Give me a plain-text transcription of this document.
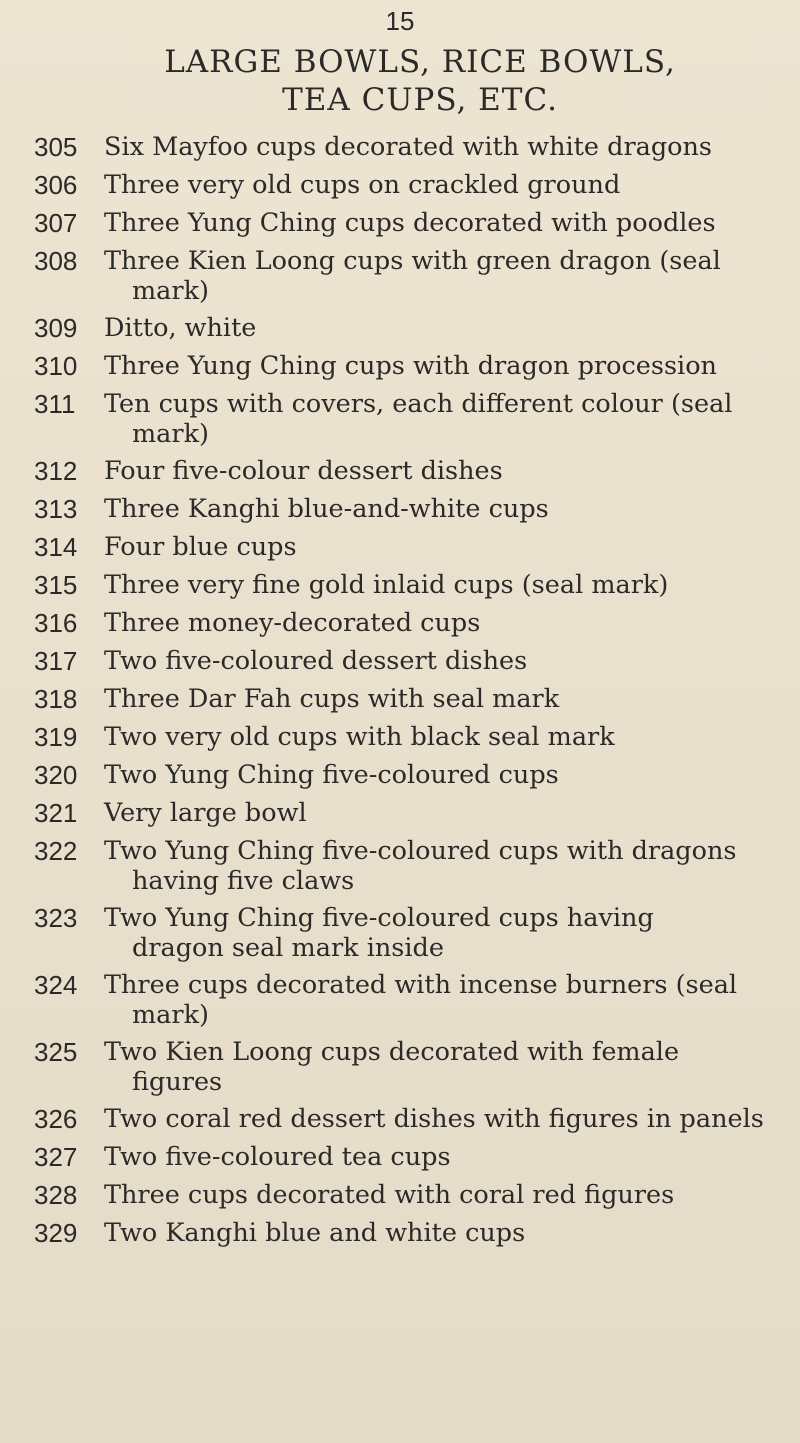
15
LARGE BOWLS, RICE BOWLS,
TEA CUPS, ETC.
305	Six Mayfoo cups decorated with white dragons
306	Three very old cups on crackled ground
307	Three Yung Ching cups decorated with poodles
308	Three Kien Loong cups with green dragon (seal
mark)
309	Ditto, white
310	Three Yung Ching cups with dragon procession
311	Ten cups with covers, each different colour (seal
mark)
312	Four five-colour dessert dishes
313	Three Kanghi blue-and-white cups
314	Four blue cups
315	Three very fine gold inlaid cups (seal mark)
316	Three money-decorated cups
317	Two five-coloured dessert dishes
318	Three Dar Fah cups with seal mark
319	Two very old cups with black seal mark
320	Two Yung Ching five-coloured cups
321	Very large bowl
322	Two Yung Ching five-coloured cups with dragons
having five claws
323	Two Yung Ching five-coloured cups having
dragon seal mark inside
324	Three cups decorated with incense burners (seal
mark)
325	Two Kien Loong cups decorated with female
figures
326	Two coral red dessert dishes with figures in panels
327	Two five-coloured tea cups
328	Three cups decorated with coral red figures
329	Two Kanghi blue and white cups
